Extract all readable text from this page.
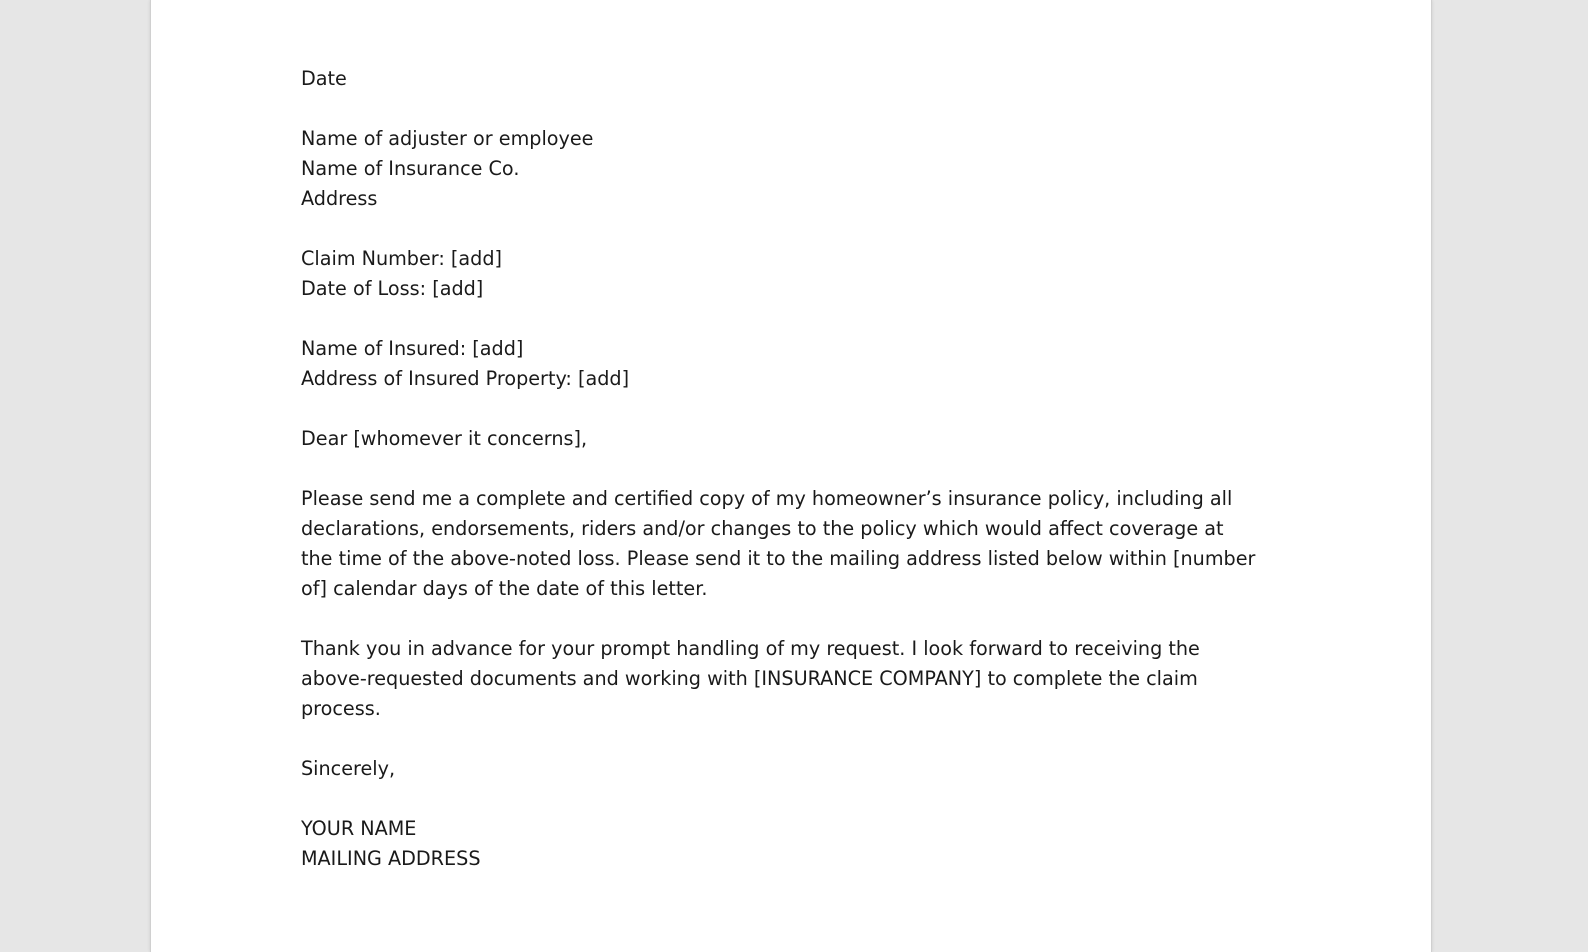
Date
Name of adjuster or employee
Name of Insurance Co.
Address
Claim Number: [add]
Date of Loss: [add]
Name of Insured: [add]
Address of Insured Property: [add]
Dear [whomever it concerns],
Please send me a complete and certified copy of my homeowner’s insurance policy, including all declarations, endorsements, riders and/or changes to the policy which would affect coverage at the time of the above-noted loss. Please send it to the mailing address listed below within [number of] calendar days of the date of this letter.
Thank you in advance for your prompt handling of my request. I look forward to receiving the above-requested documents and working with [INSURANCE COMPANY] to complete the claim process.
Sincerely,
YOUR NAME
MAILING ADDRESS
